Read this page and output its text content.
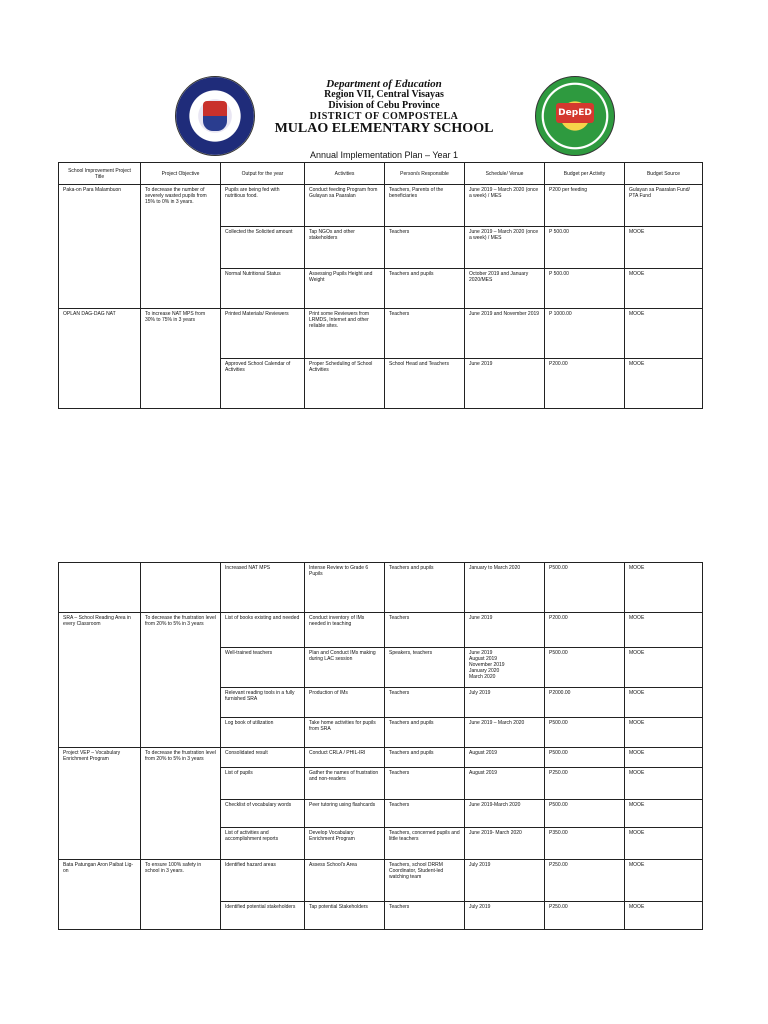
DepED
Department of Education
Region VII, Central Visayas
Division of Cebu Province
DISTRICT OF COMPOSTELA
MULAO ELEMENTARY SCHOOL
Annual Implementation Plan – Year 1
School Improvement Project Title	Project Objective	Output for the year	Activities	Person/s Responsible	Schedule/ Venue	Budget per Activity	Budget Source
Paka-on Para Malambuon	To decrease the number of severely wasted pupils from 15% to 0% in 3 years.	Pupils are being fed with nutritious food.	Conduct feeding Program from Gulayan sa Paaralan	Teachers, Parents of the beneficiaries	June 2019 – March 2020 (once a week) / MES	P200 per feeding	Gulayan sa Paaralan Fund/ PTA Fund
		Collected the Solicited amount	Tap NGOs and other stakeholders	Teachers	June 2019 – March 2020 (once a week) / MES	P 500.00	MOOE
		Normal Nutritional Status	Assessing Pupils Height and Weight	Teachers and pupils	October 2019 and January 2020/MES	P 500.00	MOOE
OPLAN DAG-DAG NAT	To increase NAT MPS from 30% to 75% in 3 years	Printed Materials/ Reviewers	Print some Reviewers from LRMDS, Internet and other reliable sites.	Teachers	June 2019 and November 2019	P 1000.00	MOOE
		Approved School Calendar of Activities	Proper Scheduling of School Activities	School Head and Teachers	June 2019	P200.00	MOOE
		Increased NAT MPS	Intense Review to Grade 6 Pupils	Teachers and pupils	January to March 2020	P500.00	MOOE
SRA – School Reading Area in every Classroom	To decrease the frustration level from 20% to 5% in 3 years	List of books existing and needed	Conduct inventory of IMs needed in teaching	Teachers	June 2019	P200.00	MOOE
		Well-trained teachers	Plan and Conduct IMs making during LAC session	Speakers, teachers	June 2019
August 2019
November 2019
January 2020
March 2020	P500.00	MOOE
		Relevant reading tools in a fully furnished SRA	Production of IMs	Teachers	July 2019	P2000.00	MOOE
		Log book of utilization	Take home activities for pupils from SRA	Teachers and pupils	June 2019 – March 2020	P500.00	MOOE
Project VEP – Vocabulary Enrichment Program	To decrease the frustration level from 20% to 5% in 3 years	Consolidated result	Conduct CRLA / PHIL-IRI	Teachers and pupils	August 2019	P500.00	MOOE
		List of pupils	Gather the names of frustration and non-readers	Teachers	August 2019	P250.00	MOOE
		Checklist of vocabulary words	Peer tutoring using flashcards	Teachers	June 2019-March 2020	P500.00	MOOE
		List of activities and accomplishment reports	Develop Vocabulary Enrichment Program	Teachers, concerned pupils and little teachers	June 2019- March 2020	P350.00	MOOE
Bata Patungan Aron Paibat Lig-on	To ensure 100% safety in school in 3 years.	Identified hazard areas	Assess School's Area	Teachers, school DRRM Coordinator, Student-led watching team	July 2019	P250.00	MOOE
		Identified potential stakeholders	Tap potential Stakeholders	Teachers	July 2019	P250.00	MOOE
